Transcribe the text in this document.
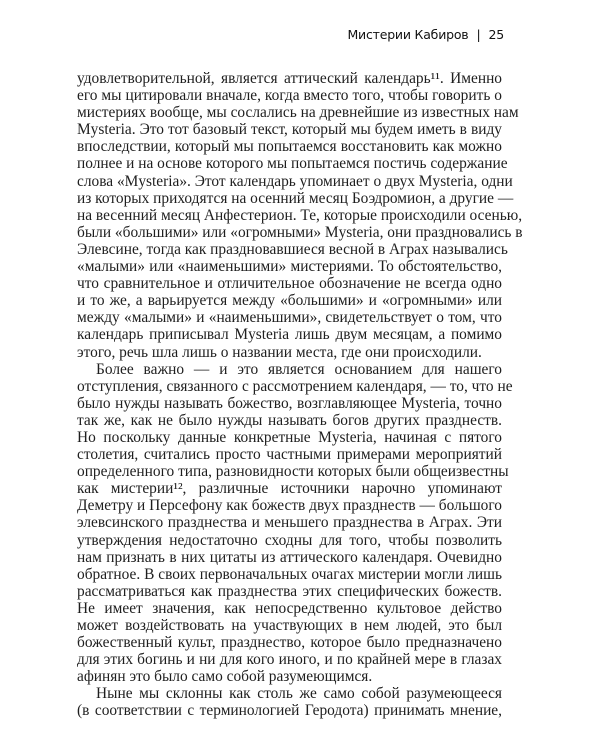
Мистерии Кабиров | 25
удовлетворительной, является аттический календарь¹¹. Именно
его мы цитировали вначале, когда вместо того, чтобы говорить о
мистериях вообще, мы сослались на древнейшие из известных нам
Mysteria. Это тот базовый текст, который мы будем иметь в виду
впоследствии, который мы попытаемся восстановить как можно
полнее и на основе которого мы попытаемся постичь содержание
слова «Mysteria». Этот календарь упоминает о двух Mysteria, одни
из которых приходятся на осенний месяц Боэдромион, а другие —
на весенний месяц Анфестерион. Те, которые происходили осенью,
были «большими» или «огромными» Mysteria, они праздновались в
Элевсине, тогда как праздновавшиеся весной в Аграх назывались
«малыми» или «наименьшими» мистериями. То обстоятельство,
что сравнительное и отличительное обозначение не всегда одно
и то же, а варьируется между «большими» и «огромными» или
между «малыми» и «наименьшими», свидетельствует о том, что
календарь приписывал Mysteria лишь двум месяцам, а помимо
этого, речь шла лишь о названии места, где они происходили.
Более важно — и это является основанием для нашего
отступления, связанного с рассмотрением календаря, — то, что не
было нужды называть божество, возглавляющее Mysteria, точно
так же, как не было нужды называть богов других празднеств.
Но поскольку данные конкретные Mysteria, начиная с пятого
столетия, считались просто частными примерами мероприятий
определенного типа, разновидности которых были общеизвестны
как мистерии¹², различные источники нарочно упоминают
Деметру и Персефону как божеств двух празднеств — большого
элевсинского празднества и меньшего празднества в Аграх. Эти
утверждения недостаточно сходны для того, чтобы позволить
нам признать в них цитаты из аттического календаря. Очевидно
обратное. В своих первоначальных очагах мистерии могли лишь
рассматриваться как празднества этих специфических божеств.
Не имеет значения, как непосредственно культовое действо
может воздействовать на участвующих в нем людей, это был
божественный культ, празднество, которое было предназначено
для этих богинь и ни для кого иного, и по крайней мере в глазах
афинян это было само собой разумеющимся.
Ныне мы склонны как столь же само собой разумеющееся
(в соответствии с терминологией Геродота) принимать мнение,
